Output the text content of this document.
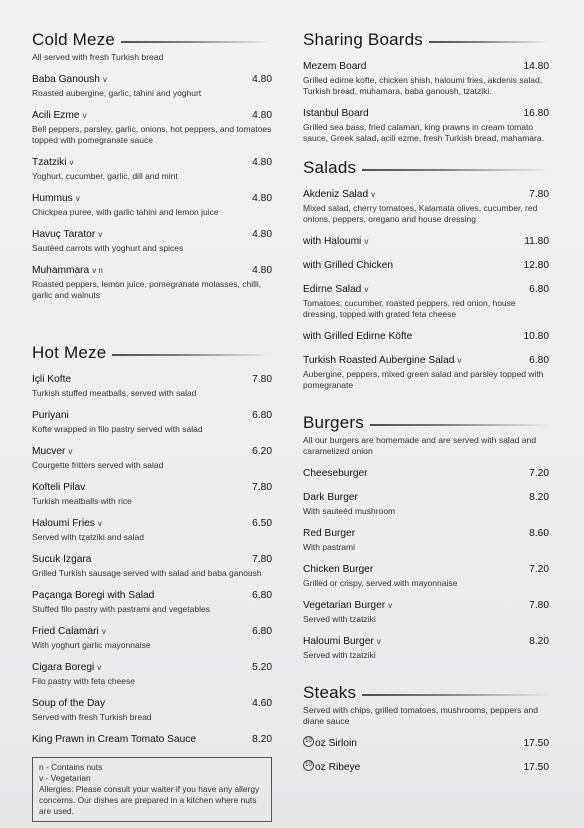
Cold Meze
All served with fresh Turkish bread
Baba Ganoush v	4.80
Roasted aubergine, garlic, tahini and yoghurt
Acili Ezme v	4.80
Bell peppers, parsley, garlic, onions, hot peppers, and tomatoes topped with pomegranate sauce
Tzatziki v	4.80
Yoghurt, cucumber, garlic, dill and mint
Hummus v	4.80
Chickpea puree, with garlic tahini and lemon juice
Havuç Tarator v	4.80
Sautéed carrots with yoghurt and spices
Muhammara v n	4.80
Roasted peppers, lemon juice, pomegranate molasses, chilli, garlic and walnuts
Hot Meze
Içli Kofte	7.80
Turkish stuffed meatballs, served with salad
Puriyani	6.80
Kofte wrapped in filo pastry served with salad
Mucver v	6.20
Courgette fritters served with salad
Kofteli Pilav	7.80
Turkish meatballs with rice
Haloumi Fries v	6.50
Served with tzatziki and salad
Sucuk Izgara	7.80
Grilled Turkish sausage served with salad and baba ganoush
Paçanga Boregi with Salad	6.80
Stuffed filo pastry with pastrami and vegetables
Fried Calamari v	6.80
With yoghurt garlic mayonnaise
Cigara Boregi v	5.20
Filo pastry with feta cheese
Soup of the Day	4.60
Served with fresh Turkish bread
King Prawn in Cream Tomato Sauce	8.20

n - Contains nuts

v - Vegetarian

Allergies: Please consult your waiter if you have any allergy concerns. Our dishes are prepared in a kitchen where nuts are used.

Sharing Boards
Mezem Board	14.80
Grilled edirne kofte, chicken shish, haloumi fries, akdenis salad, Turkish bread, muhamara, baba ganoush, tzatziki.
Istanbul Board	16.80
Grilled sea bass, fried calamari, king prawns in cream tomato sauce, Greek salad, acili ezme, fresh Turkish bread, mahamara.
Salads
Akdeniz Salad v	7.80
Mixed salad, cherry tomatoes, Kalamata olives, cucumber, red onions, peppers, oregano and house dressing
with Haloumi v	11.80
with Grilled Chicken	12.80
Edirne Salad v	6.80
Tomatoes, cucumber, roasted peppers, red onion, house dressing, topped with grated feta cheese
with Grilled Edirne Köfte	10.80
Turkish Roasted Aubergine Salad v	6.80
Aubergine, peppers, mixed green salad and parsley topped with pomegranate
Burgers
All our burgers are homemade and are served with salad and caramelized onion
Cheeseburger	7.20
Dark Burger	8.20
With sauteéd mushroom
Red Burger	8.60
With pastrami
Chicken Burger	7.20
Grilled or crispy, served with mayonnaise
Vegetarian Burger v	7.80
Served with tzatziki
Haloumi Burger v	8.20
Served with tzatziki
Steaks
Served with chips, grilled tomatoes, mushrooms, peppers and diane sauce
10 oz Sirloin	17.50
10 oz Ribeye	17.50
